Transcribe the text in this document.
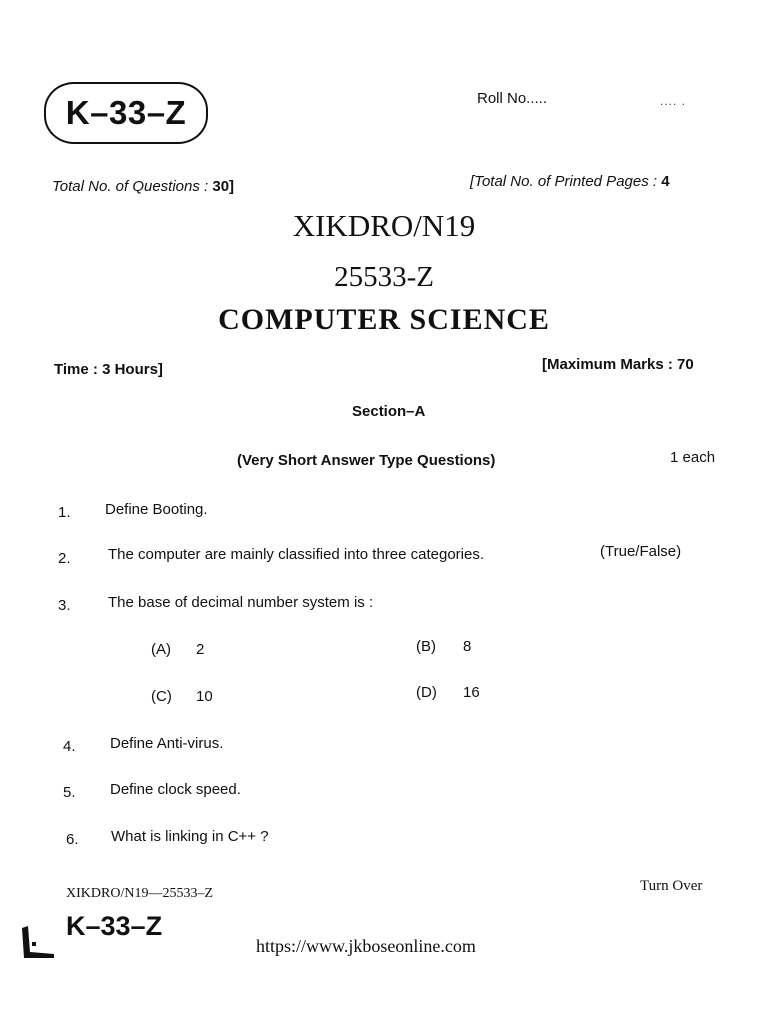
K–33–Z	Roll No.....	.... .
Total No. of Questions : 30]	[Total No. of Printed Pages : 4
XIKDRO/N19
25533-Z
COMPUTER SCIENCE
Time : 3 Hours]	[Maximum Marks : 70
Section–A
(Very Short Answer Type Questions)	1 each
1. Define Booting.
2. The computer are mainly classified into three categories.	(True/False)
3. The base of decimal number system is :
(A) 2	(B) 8
(C) 10	(D) 16
4. Define Anti-virus.
5. Define clock speed.
6. What is linking in C++ ?
XIKDRO/N19—25533–Z	Turn Over
K–33–Z
https://www.jkboseonline.com
